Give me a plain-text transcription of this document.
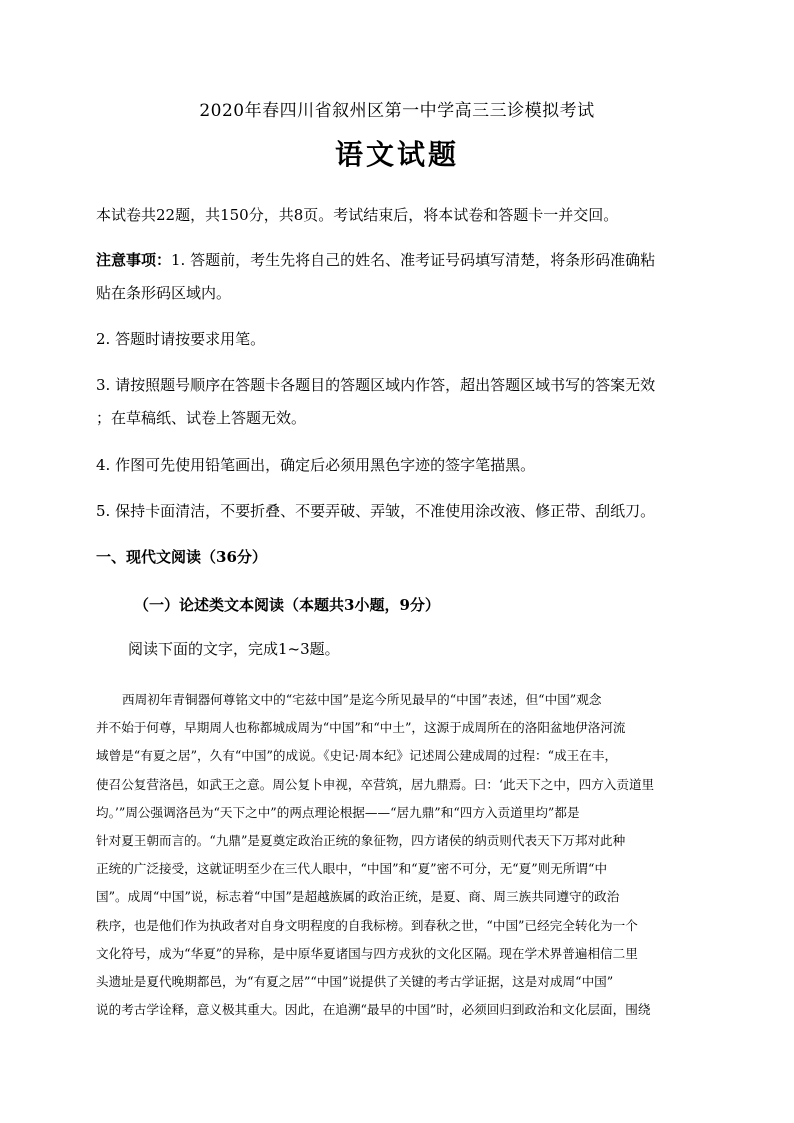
2020年春四川省叙州区第一中学高三三诊模拟考试
语文试题
本试卷共22题，共150分，共8页。考试结束后，将本试卷和答题卡一并交回。
注意事项：1. 答题前，考生先将自己的姓名、准考证号码填写清楚，将条形码准确粘
贴在条形码区域内。
2. 答题时请按要求用笔。
3. 请按照题号顺序在答题卡各题目的答题区域内作答，超出答题区域书写的答案无效
；在草稿纸、试卷上答题无效。
4. 作图可先使用铅笔画出，确定后必须用黑色字迹的签字笔描黑。
5. 保持卡面清洁，不要折叠、不要弄破、弄皱，不准使用涂改液、修正带、刮纸刀。
一、现代文阅读（36分）
（一）论述类文本阅读（本题共3小题，9分）
阅读下面的文字，完成1~3题。
西周初年青铜器何尊铭文中的“宅兹中国”是迄今所见最早的“中国”表述，但“中国”观念
并不始于何尊，早期周人也称都城成周为“中国”和“中土”，这源于成周所在的洛阳盆地伊洛河流
域曾是“有夏之居”，久有“中国”的成说。《史记·周本纪》记述周公建成周的过程：“成王在丰，
使召公复营洛邑，如武王之意。周公复卜申视，卒营筑，居九鼎焉。曰：‘此天下之中，四方入贡道里
均。’”周公强调洛邑为“天下之中”的两点理论根据——“居九鼎”和“四方入贡道里均”都是
针对夏王朝而言的。“九鼎”是夏奠定政治正统的象征物，四方诸侯的纳贡则代表天下万邦对此种
正统的广泛接受，这就证明至少在三代人眼中，“中国”和“夏”密不可分，无“夏”则无所谓“中
国”。成周“中国”说，标志着“中国”是超越族属的政治正统，是夏、商、周三族共同遵守的政治
秩序，也是他们作为执政者对自身文明程度的自我标榜。到春秋之世，“中国”已经完全转化为一个
文化符号，成为“华夏”的异称，是中原华夏诸国与四方戎狄的文化区隔。现在学术界普遍相信二里
头遗址是夏代晚期都邑，为“有夏之居”“中国”说提供了关键的考古学证据，这是对成周“中国”
说的考古学诠释，意义极其重大。因此，在追溯“最早的中国”时，必须回归到政治和文化层面，围绕
